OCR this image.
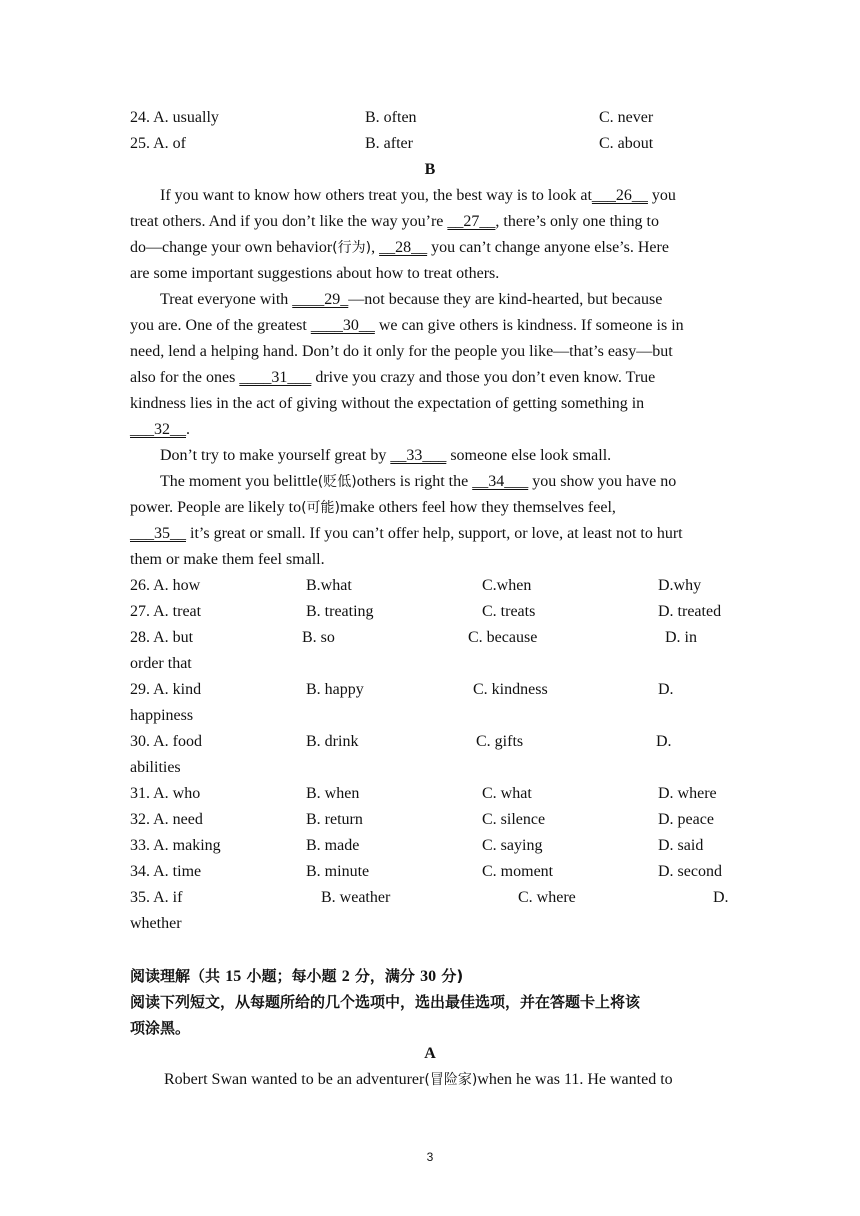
24. A. usually	B. often	C. never
25. A. of	B. after	C. about
B
If you want to know how others treat you, the best way is to look at___26__ you
treat others. And if you don’t like the way you’re __27__, there’s only one thing to
do—change your own behavior(行为), __28__ you can’t change anyone else’s. Here
are some important suggestions about how to treat others.
Treat everyone with ____29_—not because they are kind-hearted, but because
you are. One of the greatest ____30__ we can give others is kindness. If someone is in
need, lend a helping hand. Don’t do it only for the people you like—that’s easy—but
also for the ones ____31___ drive you crazy and those you don’t even know. True
kindness lies in the act of giving without the expectation of getting something in
___32__.
Don’t try to make yourself great by __33___ someone else look small.
The moment you belittle(贬低)others is right the __34___ you show you have no
power. People are likely to(可能)make others feel how they themselves feel,
___35__ it’s great or small. If you can’t offer help, support, or love, at least not to hurt
them or make them feel small.
26. A. how	B.what	C.when	D.why
27. A. treat	B. treating	C. treats	D. treated
28. A. but	B. so	C. because	D. in
order that
29. A. kind	B. happy	C. kindness	D.
happiness
30. A. food	B. drink	C. gifts	D.
abilities
31. A. who	B. when	C. what	D. where
32. A. need	B. return	C. silence	D. peace
33. A. making	B. made	C. saying	D. said
34. A. time	B. minute	C. moment	D. second
35. A. if	B. weather	C. where	D.
whether
阅读理解（共 15 小题；每小题 2 分，满分 30 分)
阅读下列短文，从每题所给的几个选项中，选出最佳选项，并在答题卡上将该
项涂黑。
A
Robert Swan wanted to be an adventurer(冒险家)when he was 11. He wanted to
3
